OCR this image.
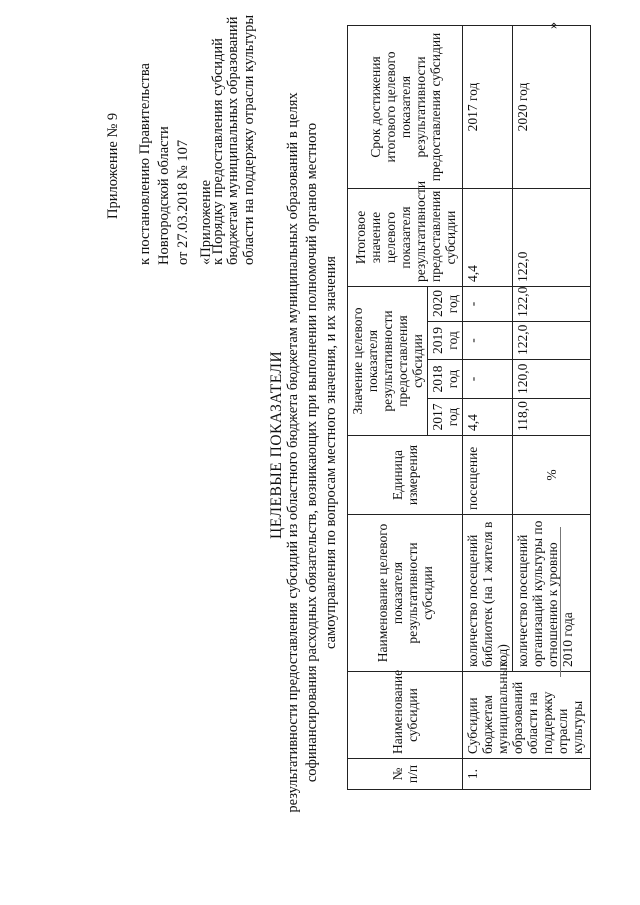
Приложение № 9 к постановлению Правительства Новгородской области от 27.03.2018 № 107 «Приложение
к Порядку предоставления субсидий бюджетам муниципальных образований области на поддержку отрасли культуры
ЦЕЛЕВЫЕ ПОКАЗАТЕЛИ результативности предоставления субсидий из областного бюджета бюджетам муниципальных образований в целях софинансирования расходных обязательств, возникающих при выполнении полномочий органов местного самоуправления по вопросам местного значения, и их значения
№ п/п	Наименование субсидии	Наименование целевого показателя результативности субсидии	Единица измерения	Значение целевого показателя результативности предоставления субсидии				Итоговое значение целевого показателя результативности предоставления субсидии	Срок достижения итогового целевого показателя результативности предоставления субсидии
				2017 год	2018 год	2019 год	2020 год		
1.	Субсидии бюджетам муниципальных образований области на поддержку отрасли культуры	количество посещений библиотек (на 1 жителя в год)	посещение	4,4	-	-	-	4,4	2017 год
		количество посещений организаций культуры по отношению к уровню 2010 года	%	118,0	120,0	122,0	122,0	122,0	2020 год
»
